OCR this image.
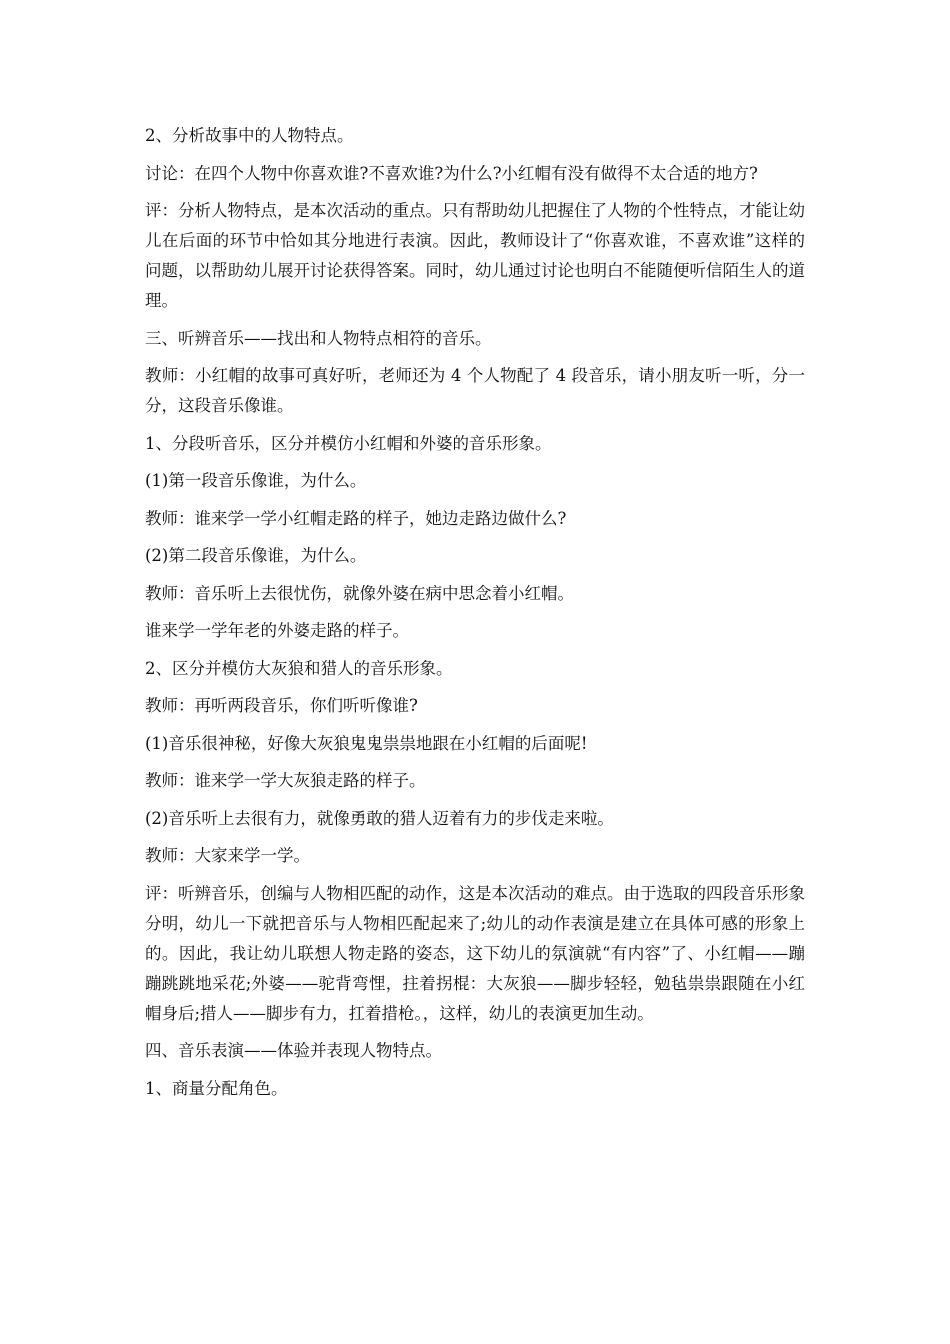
2、分析故事中的人物特点。

讨论：在四个人物中你喜欢谁?不喜欢谁?为什么?小红帽有没有做得不太合适的地方?

评：分析人物特点，是本次活动的重点。只有帮助幼儿把握住了人物的个性特点，才能让幼儿在后面的环节中恰如其分地进行表演。因此，教师设计了“你喜欢谁，不喜欢谁”这样的问题，以帮助幼儿展开讨论获得答案。同时，幼儿通过讨论也明白不能随便听信陌生人的道理。

三、听辨音乐——找出和人物特点相符的音乐。

教师：小红帽的故事可真好听，老师还为 4 个人物配了 4 段音乐，请小朋友听一听，分一分，这段音乐像谁。

1、分段听音乐，区分并模仿小红帽和外婆的音乐形象。

(1)第一段音乐像谁，为什么。

教师：谁来学一学小红帽走路的样子，她边走路边做什么?

(2)第二段音乐像谁，为什么。

教师：音乐听上去很忧伤，就像外婆在病中思念着小红帽。

谁来学一学年老的外婆走路的样子。

2、区分并模仿大灰狼和猎人的音乐形象。

教师：再听两段音乐，你们听听像谁?

(1)音乐很神秘，好像大灰狼鬼鬼祟祟地跟在小红帽的后面呢!

教师：谁来学一学大灰狼走路的样子。

(2)音乐听上去很有力，就像勇敢的猎人迈着有力的步伐走来啦。

教师：大家来学一学。

评：听辨音乐，创编与人物相匹配的动作，这是本次活动的难点。由于选取的四段音乐形象分明，幼儿一下就把音乐与人物相匹配起来了;幼儿的动作表演是建立在具体可感的形象上的。因此，我让幼儿联想人物走路的姿态，这下幼儿的氛演就“有内容”了、小红帽——蹦蹦跳跳地采花;外婆——驼背弯悝，拄着拐棍：大灰狼——脚步轻轻，勉毡祟祟跟随在小红帽身后;措人——脚步有力，扛着措枪。，这样，幼儿的表演更加生动。

四、音乐表演——体验并表现人物特点。

1、商量分配角色。
